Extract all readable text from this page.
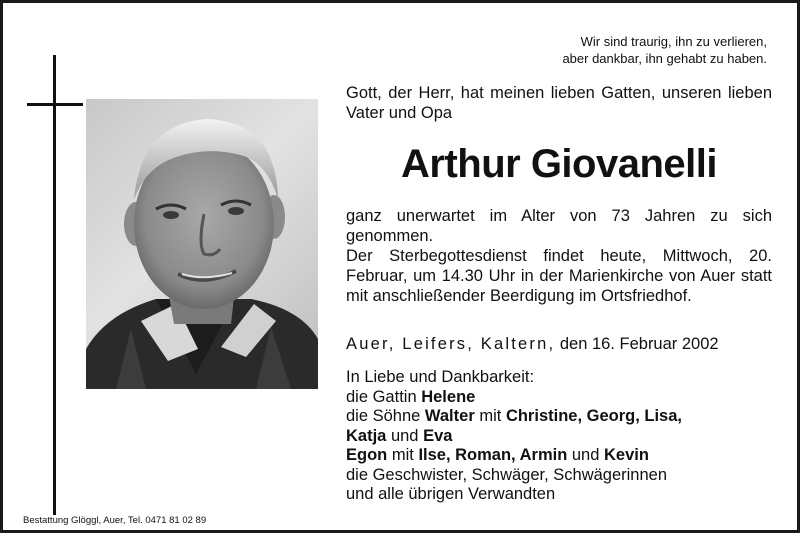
Wir sind traurig, ihn zu verlieren,
aber dankbar, ihn gehabt zu haben.
Gott, der Herr, hat meinen lieben Gatten, unseren lieben Vater und Opa
Arthur Giovanelli

ganz unerwartet im Alter von 73 Jahren zu sich genommen.

Der Sterbegottesdienst findet heute, Mittwoch, 20. Februar, um 14.30 Uhr in der Marienkirche von Auer statt mit anschließender Beerdigung im Ortsfriedhof.

Auer, Leifers, Kaltern, den 16. Februar 2002
In Liebe und Dankbarkeit:
die Gattin Helene
die Söhne Walter mit Christine, Georg, Lisa,
Katja und Eva
Egon mit Ilse, Roman, Armin und Kevin
die Geschwister, Schwäger, Schwägerinnen
und alle übrigen Verwandten
Bestattung Glöggl, Auer, Tel. 0471 81 02 89
